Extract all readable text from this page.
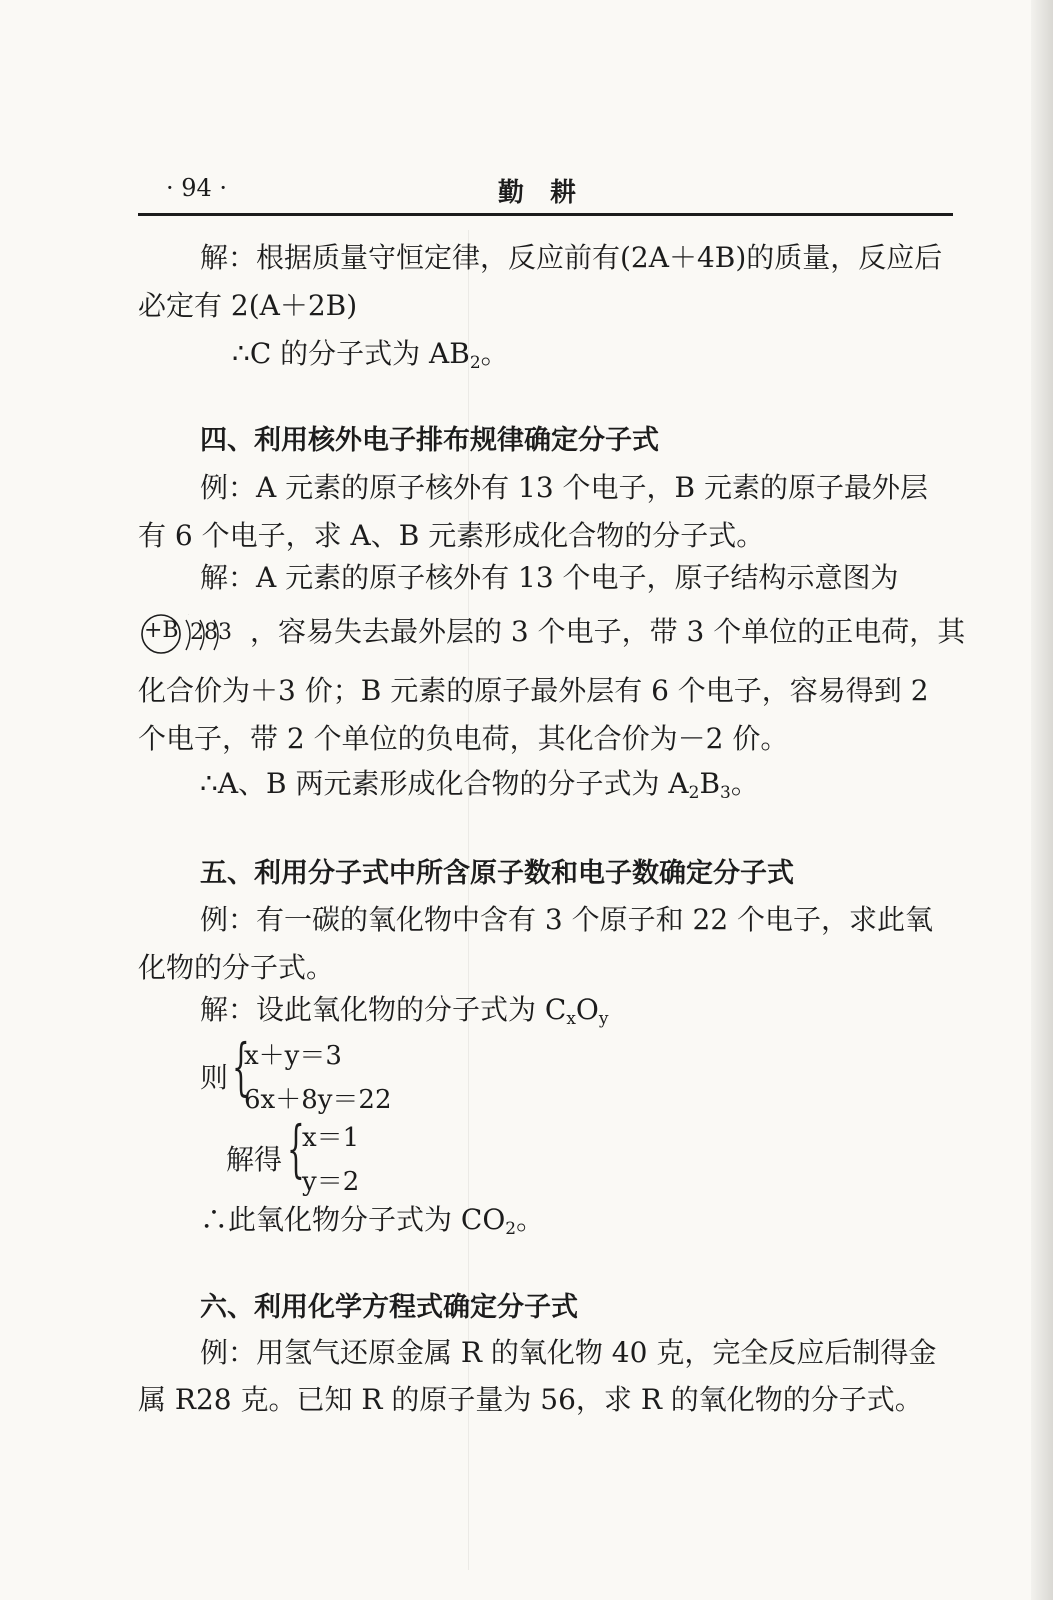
· 94 ·	勤耕
解：根据质量守恒定律，反应前有(2A＋4B)的质量，反应后
必定有 2(A＋2B)
∴C 的分子式为 $AB_2$。
四、利用核外电子排布规律确定分子式
例：A 元素的原子核外有 13 个电子，B 元素的原子最外层
有 6 个电子，求 A、B 元素形成化合物的分子式。
解：A 元素的原子核外有 13 个电子，原子结构示意图为
+B 283 ，容易失去最外层的 3 个电子，带 3 个单位的正电荷，其
化合价为＋3 价；B 元素的原子最外层有 6 个电子，容易得到 2
个电子，带 2 个单位的负电荷，其化合价为－2 价。
∴A、B 两元素形成化合物的分子式为 $A_2B_3$。
五、利用分子式中所含原子数和电子数确定分子式
例：有一碳的氧化物中含有 3 个原子和 22 个电子，求此氧
化物的分子式。
解：设此氧化物的分子式为 $C_xO_y$
则 {
x＋y＝3
6x＋8y＝22
解得 {
x＝1
y＝2
∴此氧化物分子式为 $CO_2$。
六、利用化学方程式确定分子式
例：用氢气还原金属 R 的氧化物 40 克，完全反应后制得金
属 R28 克。已知 R 的原子量为 56，求 R 的氧化物的分子式。
